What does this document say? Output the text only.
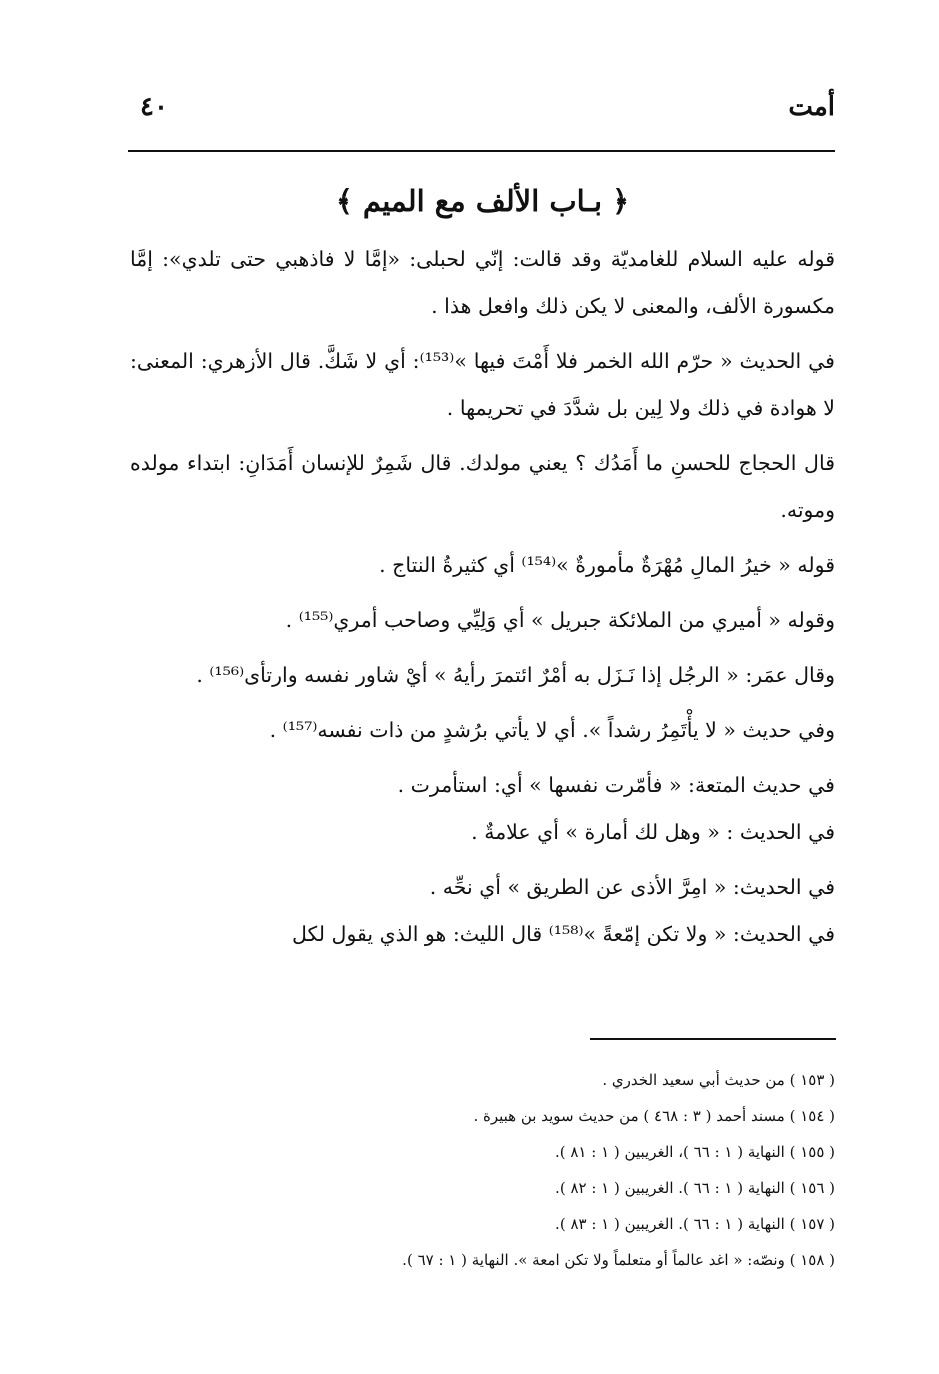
أمت
٤٠
﴿ بـاب الألف مع الميم ﴾

قوله عليه السلام للغامديّة وقد قالت: إنّي لحبلى: «إمَّا لا فاذهبي حتى تلدي»: إمَّا مكسورة الألف، والمعنى لا يكن ذلك وافعل هذا .

في الحديث « حرّم الله الخمر فلا أَمْتَ فيها »⁽¹⁵³⁾: أي لا شَكَّ. قال الأزهري: المعنى: لا هوادة في ذلك ولا لِين بل شدَّدَ في تحريمها .

قال الحجاج للحسنِ ما أَمَدُك ؟ يعني مولدك. قال شَمِرٌ للإنسان أَمَدَانِ: ابتداء مولده وموته.

قوله « خيرُ المالِ مُهْرَةٌ مأمورةٌ »⁽¹⁵⁴⁾ أي كثيرةُ النتاج .

وقوله « أميري من الملائكة جبريل » أي وَلِيِّي وصاحب أمري⁽¹⁵⁵⁾ .

وقال عمَر: « الرجُل إذا نَـزَل به أمْرٌ ائتمرَ رأيهُ » أيْ شاور نفسه وارتأى⁽¹⁵⁶⁾ .

وفي حديث « لا يأْتَمِرُ رشداً ». أي لا يأتي برُشدٍ من ذات نفسه⁽¹⁵⁷⁾ .

في حديث المتعة: « فأمّرت نفسها » أي: استأمرت .

في الحديث : « وهل لك أمارة » أي علامةٌ .

في الحديث: « امِرَّ الأذى عن الطريق » أي نحِّه .

في الحديث: « ولا تكن إمّعةً »⁽¹⁵⁸⁾ قال الليث: هو الذي يقول لكل

( ١٥٣ ) من حديث أبي سعيد الخدري .
( ١٥٤ ) مسند أحمد ( ٣ : ٤٦٨ ) من حديث سويد بن هبيرة .
( ١٥٥ ) النهاية ( ١ : ٦٦ )، الغريبين ( ١ : ٨١ ).
( ١٥٦ ) النهاية ( ١ : ٦٦ ). الغريبين ( ١ : ٨٢ ).
( ١٥٧ ) النهاية ( ١ : ٦٦ ). الغريبين ( ١ : ٨٣ ).
( ١٥٨ ) ونصّه: « اغد عالماً أو متعلماً ولا تكن امعة ». النهاية ( ١ : ٦٧ ).
